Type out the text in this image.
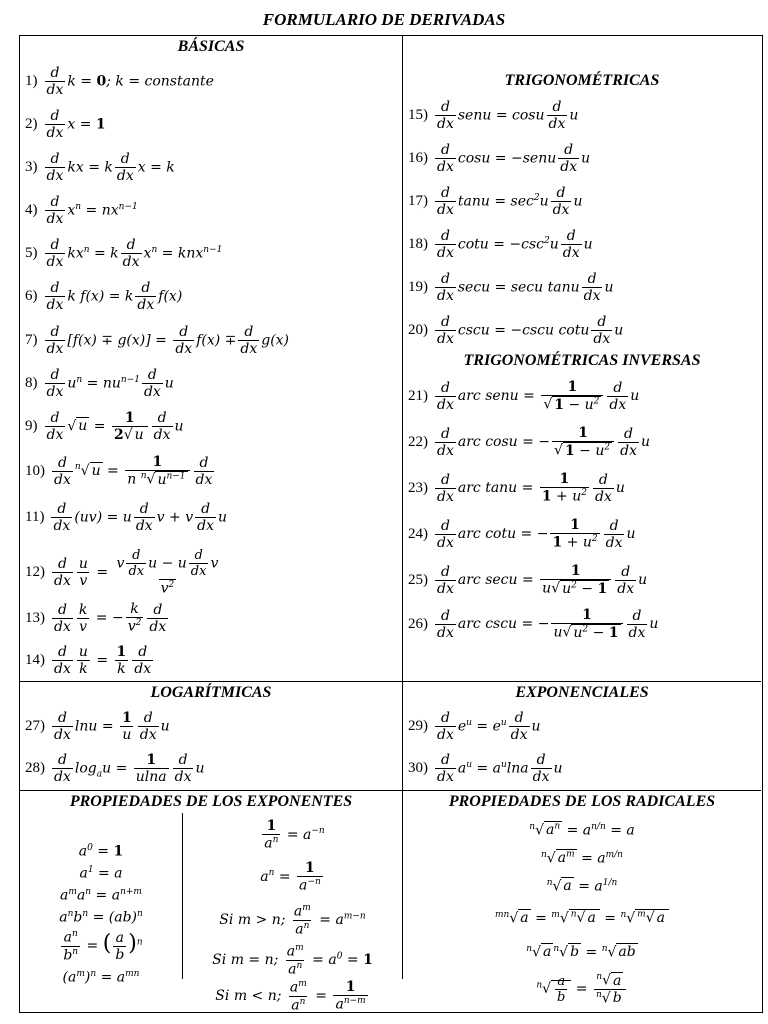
FORMULARIO DE DERIVADAS
BÁSICAS
TRIGONOMÉTRICAS
TRIGONOMÉTRICAS INVERSAS
LOGARÍTMICAS	EXPONENCIALES
PROPIEDADES DE LOS EXPONENTES	PROPIEDADES DE LOS RADICALES
$1) \frac{d}{dx}$ k = 0; k = constante
$2) \frac{d}{dx}$ x = 1
$3) \frac{d}{dx}$ kx = k $\frac{d}{dx}$ x = k
$4) \frac{d}{dx} x^n = nx^{n-1}$
$5) \frac{d}{dx} kx^n = k \frac{d}{dx} x^n = knx^{n-1}$
$6) \frac{d}{dx}$ k f(x) = k $\frac{d}{dx} f(x)$
$7) \frac{d}{dx} [f(x) \mp g(x)] = \frac{d}{dx} f(x) \mp \frac{d}{dx} g(x)$
$8) \frac{d}{dx} u^n = nu^{n-1} \frac{d}{dx}$ u
$9) \frac{d}{dx}$ √ $u = \frac{1}{2√ u} \frac{d}{dx}$ u
$10) \frac{d}{dx} ^n√$ $u = \frac{1}{n ^n√ u^{n-1}} \frac{d}{dx}$
$11) \frac{d}{dx} (uv) = u \frac{d}{dx}$ v + v $\frac{d}{dx}$ u
$12) \frac{d}{dx} \frac{u}{v}$ =
v $\frac{d}{dx}$ u − u $\frac{d}{dx}$ v
$v^2$
$13) \frac{d}{dx} \frac{k}{v}$ = − $\frac{k}{v^2} \frac{d}{dx}$
$14) \frac{d}{dx} \frac{u}{k} = \frac{1}{k} \frac{d}{dx}$
$15) \frac{d}{dx}$ senu = cosu $\frac{d}{dx}$ u
$16) \frac{d}{dx}$ cosu = −senu $\frac{d}{dx}$ u
$17) \frac{d}{dx}$ $\tan u = \sec^2u \frac{d}{dx}$ u
$18) \frac{d}{dx}$ $\cot u = -\csc^2u \frac{d}{dx}$ u
$19) \frac{d}{dx}$ secu = secu tanu $\frac{d}{dx}$ u
$20) \frac{d}{dx}$ cscu = −cscu cotu $\frac{d}{dx}$ u
$21) \frac{d}{dx}$ arc senu = $\frac{1}{√ 1 - u^2} \frac{d}{dx}$ u
$22) \frac{d}{dx}$ arc cosu = − $\frac{1}{√ 1 - u^2} \frac{d}{dx}$ u
$23) \frac{d}{dx}$ arc $\tan u = \frac{1}{1 + u^2} \frac{d}{dx}$ u
$24) \frac{d}{dx}$ arc cotu = − $\frac{1}{1 + u^2} \frac{d}{dx}$ u
$25) \frac{d}{dx}$ arc $\sec u = \frac{1}{u√ u^2 - 1} \frac{d}{dx}$ u
$26) \frac{d}{dx}$ arc cscu = − $\frac{1}{u√ u^2 - 1} \frac{d}{dx}$ u
$27) \frac{d}{dx}$ $\ln u = \frac{1}{u} \frac{d}{dx}$ u
$28) \frac{d}{dx} \log_au = \frac{1}{ulna} \frac{d}{dx}$ u
$29) \frac{d}{dx} e^u = e^u \frac{d}{dx}$ u
$30) \frac{d}{dx} a^u = a^u\ln a \frac{d}{dx}$ u
$a^0 = 1$
$a^1 = a$
$a^ma^n = a^{n+m}$
$a^nb^n = (ab)^n$
$\frac{a^n}{b^n}$ = ( $\frac{a}{b} )^n$
$(a^m)^n = a^{mn}$
$\frac{1}{a^n} = a^{-n}$
$a^n = \frac{1}{a^{-n}}$
Si m > n; $\frac{a^m}{a^n} = a^{m-n}$
Si m = n; $\frac{a^m}{a^n} = a^0 = 1$
Si m < n; $\frac{a^m}{a^n} = \frac{1}{a^{n-m}}$
$^n$√ $a^n = a^{n/n} = a$
$^n$√ $a^m = a^{m/n}$
$^n$√ $a = a^{1/n}$
$^{mn}$√ a = $^m$√ $^n$√ a = $^n$√ $^m$√ a
$^n$√ a $^n$√ b = $^n$√ ab
$^n√ \frac{a}{b} = \frac{^n√ a}{^n√ b}$
